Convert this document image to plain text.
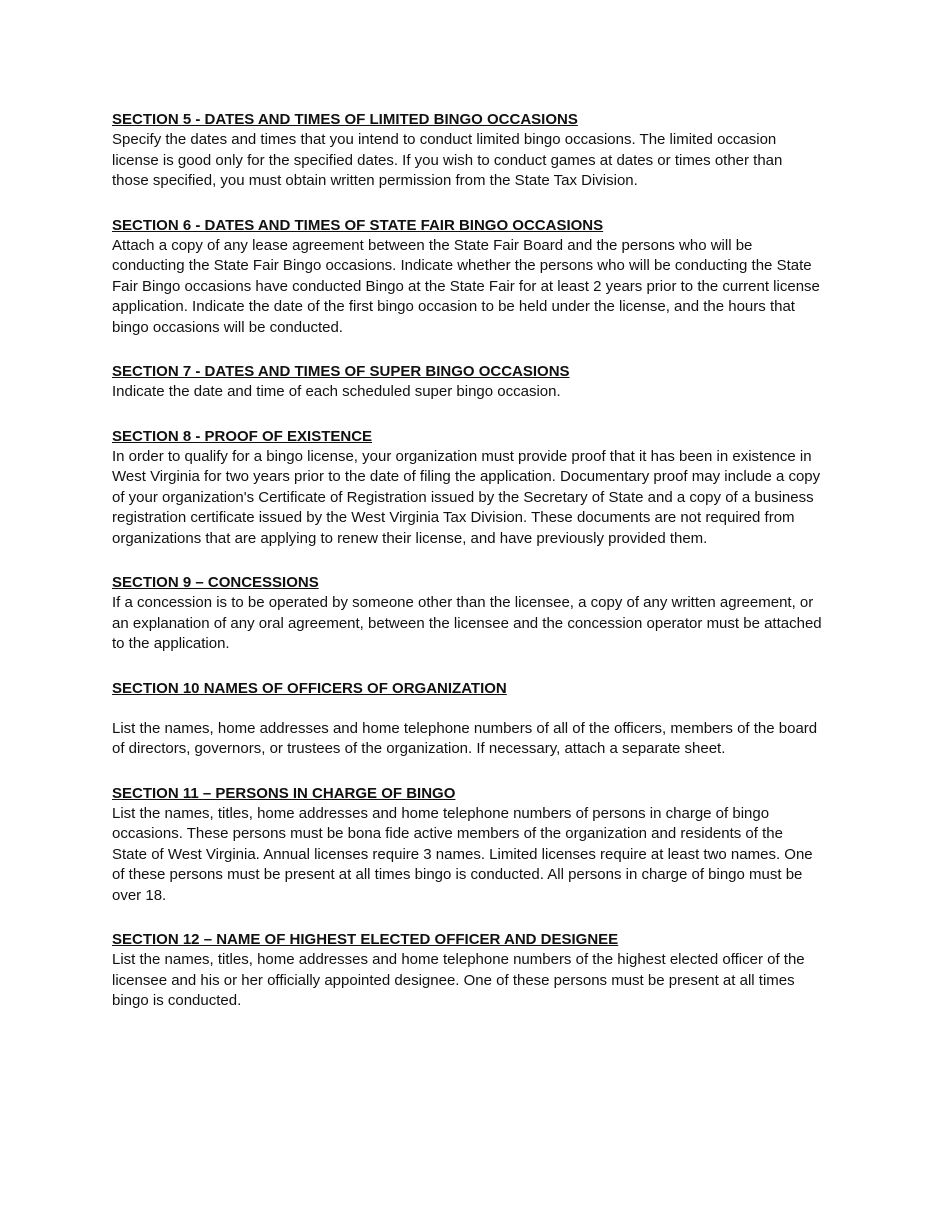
SECTION 5 - DATES AND TIMES OF LIMITED BINGO OCCASIONS

Specify the dates and times that you intend to conduct limited bingo occasions. The limited occasion license is good only for the specified dates. If you wish to conduct games at dates or times other than those specified, you must obtain written permission from the State Tax Division.

SECTION 6 - DATES AND TIMES OF STATE FAIR BINGO OCCASIONS

Attach a copy of any lease agreement between the State Fair Board and the persons who will be conducting the State Fair Bingo occasions. Indicate whether the persons who will be conducting the State Fair Bingo occasions have conducted Bingo at the State Fair for at least 2 years prior to the current license application. Indicate the date of the first bingo occasion to be held under the license, and the hours that bingo occasions will be conducted.

SECTION 7 - DATES AND TIMES OF SUPER BINGO OCCASIONS

Indicate the date and time of each scheduled super bingo occasion.

SECTION 8 - PROOF OF EXISTENCE

In order to qualify for a bingo license, your organization must provide proof that it has been in existence in West Virginia for two years prior to the date of filing the application. Documentary proof may include a copy of your organization's Certificate of Registration issued by the Secretary of State and a copy of a business registration certificate issued by the West Virginia Tax Division. These documents are not required from organizations that are applying to renew their license, and have previously provided them.

SECTION 9 – CONCESSIONS

If a concession is to be operated by someone other than the licensee, a copy of any written agreement, or an explanation of any oral agreement, between the licensee and the concession operator must be attached to the application.

SECTION 10 NAMES OF OFFICERS OF ORGANIZATION

List the names, home addresses and home telephone numbers of all of the officers, members of the board of directors, governors, or trustees of the organization. If necessary, attach a separate sheet.

SECTION 11 – PERSONS IN CHARGE OF BINGO

List the names, titles, home addresses and home telephone numbers of persons in charge of bingo occasions. These persons must be bona fide active members of the organization and residents of the State of West Virginia. Annual licenses require 3 names. Limited licenses require at least two names. One of these persons must be present at all times bingo is conducted. All persons in charge of bingo must be over 18.

SECTION 12 – NAME OF HIGHEST ELECTED OFFICER AND DESIGNEE

List the names, titles, home addresses and home telephone numbers of the highest elected officer of the licensee and his or her officially appointed designee. One of these persons must be present at all times bingo is conducted.
